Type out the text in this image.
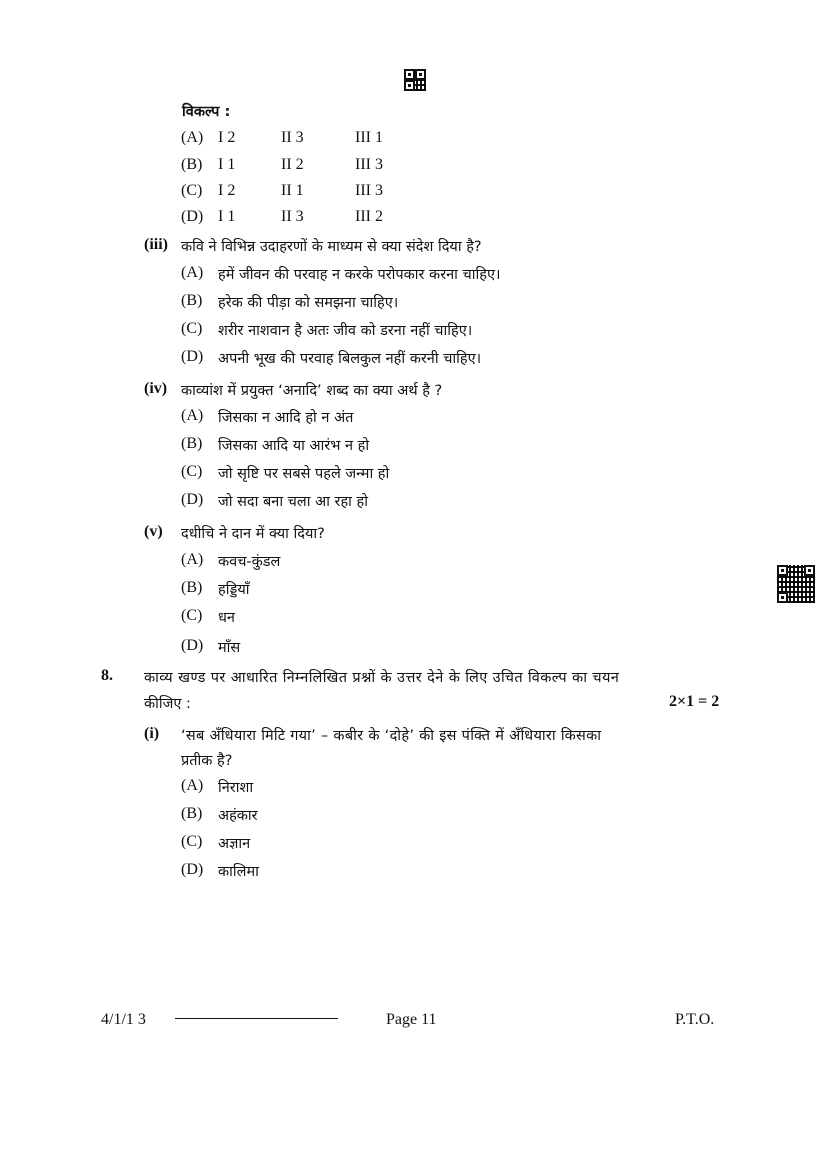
विकल्प :
(A) I 2	II 3	III 1
(B) I 1	II 2	III 3
(C) I 2	II 1	III 3
(D) I 1	II 3	III 2
(iii) कवि ने विभिन्न उदाहरणों के माध्यम से क्या संदेश दिया है?
(A) हमें जीवन की परवाह न करके परोपकार करना चाहिए।
(B) हरेक की पीड़ा को समझना चाहिए।
(C) शरीर नाशवान है अतः जीव को डरना नहीं चाहिए।
(D) अपनी भूख की परवाह बिलकुल नहीं करनी चाहिए।
(iv) काव्यांश में प्रयुक्त ‘अनादि’ शब्द का क्या अर्थ है ?
(A) जिसका न आदि हो न अंत
(B) जिसका आदि या आरंभ न हो
(C) जो सृष्टि पर सबसे पहले जन्मा हो
(D) जो सदा बना चला आ रहा हो
(v) दधीचि ने दान में क्या दिया?
(A) कवच-कुंडल
(B) हड्डियाँ
(C) धन
(D) माँस
8. काव्य खण्ड पर आधारित निम्नलिखित प्रश्नों के उत्तर देने के लिए उचित विकल्प का चयन
कीजिए :	2×1 = 2
(i) ‘सब अँधियारा मिटि गया’ – कबीर के ‘दोहे’ की इस पंक्ति में अँधियारा किसका
प्रतीक है?
(A) निराशा
(B) अहंकार
(C) अज्ञान
(D) कालिमा
4/1/1 3	Page 11	P.T.O.
